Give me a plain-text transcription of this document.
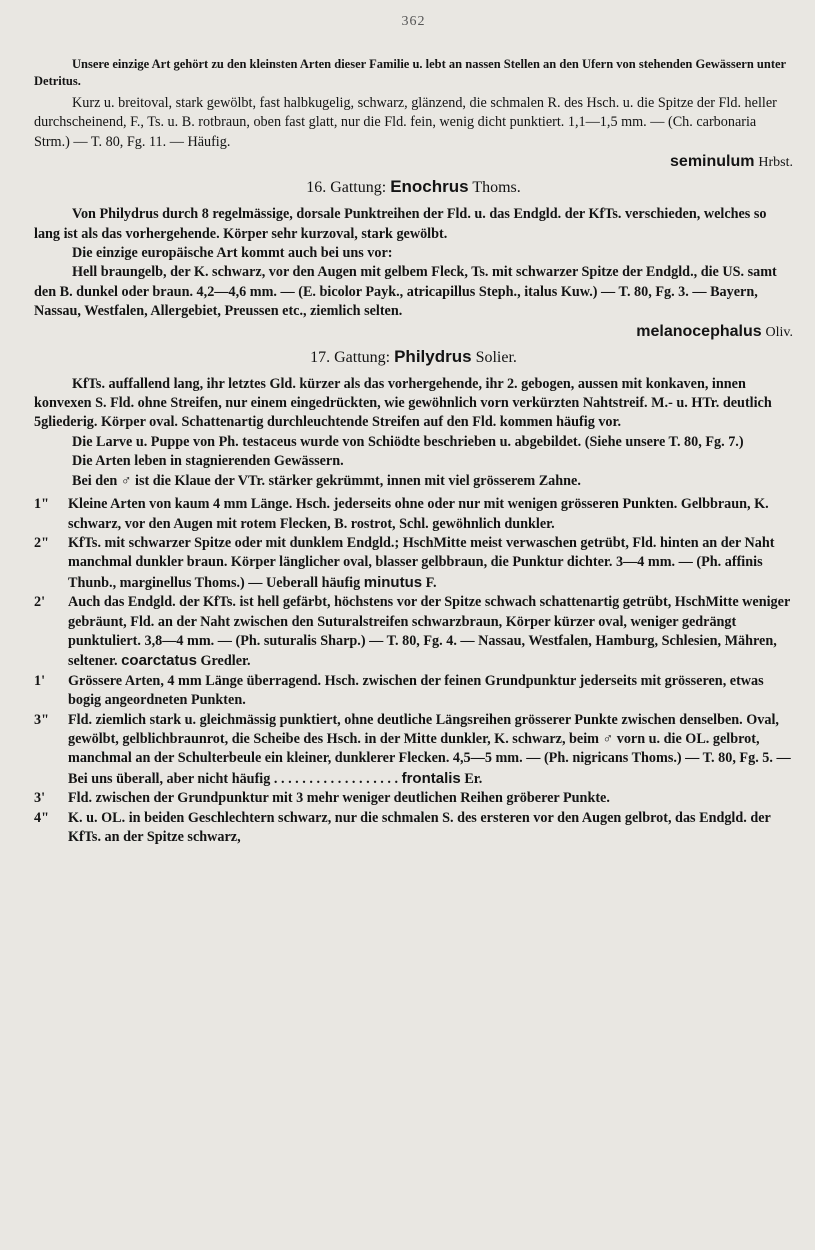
362

Unsere einzige Art gehört zu den kleinsten Arten dieser Familie u. lebt an nassen Stellen an den Ufern von stehenden Gewässern unter Detritus.

Kurz u. breitoval, stark gewölbt, fast halbkugelig, schwarz, glänzend, die schmalen R. des Hsch. u. die Spitze der Fld. heller durchscheinend, F., Ts. u. B. rotbraun, oben fast glatt, nur die Fld. fein, wenig dicht punktiert. 1,1—1,5 mm. — (Ch. carbonaria Strm.) — T. 80, Fg. 11. — Häufig.

seminulum Hrbst.

16. Gattung: Enochrus Thoms.

Von Philydrus durch 8 regelmässige, dorsale Punktreihen der Fld. u. das Endgld. der KfTs. verschieden, welches so lang ist als das vorhergehende. Körper sehr kurzoval, stark gewölbt.

Die einzige europäische Art kommt auch bei uns vor:

Hell braungelb, der K. schwarz, vor den Augen mit gelbem Fleck, Ts. mit schwarzer Spitze der Endgld., die US. samt den B. dunkel oder braun. 4,2—4,6 mm. — (E. bicolor Payk., atricapillus Steph., italus Kuw.) — T. 80, Fg. 3. — Bayern, Nassau, Westfalen, Allergebiet, Preussen etc., ziemlich selten.

melanocephalus Oliv.

17. Gattung: Philydrus Solier.

KfTs. auffallend lang, ihr letztes Gld. kürzer als das vorhergehende, ihr 2. gebogen, aussen mit konkaven, innen konvexen S. Fld. ohne Streifen, nur einem eingedrückten, wie gewöhnlich vorn verkürzten Nahtstreif. M.- u. HTr. deutlich 5gliederig. Körper oval. Schattenartig durchleuchtende Streifen auf den Fld. kommen häufig vor.

Die Larve u. Puppe von Ph. testaceus wurde von Schiödte beschrieben u. abgebildet. (Siehe unsere T. 80, Fg. 7.)

Die Arten leben in stagnierenden Gewässern.

Bei den ♂ ist die Klaue der VTr. stärker gekrümmt, innen mit viel grösserem Zahne.

1"	Kleine Arten von kaum 4 mm Länge. Hsch. jederseits ohne oder nur mit wenigen grösseren Punkten. Gelbbraun, K. schwarz, vor den Augen mit rotem Flecken, B. rostrot, Schl. gewöhnlich dunkler.
2"	KfTs. mit schwarzer Spitze oder mit dunklem Endgld.; HschMitte meist verwaschen getrübt, Fld. hinten an der Naht manchmal dunkler braun. Körper länglicher oval, blasser gelbbraun, die Punktur dichter. 3—4 mm. — (Ph. affinis Thunb., marginellus Thoms.) — Ueberall häufig minutus F.
2'	Auch das Endgld. der KfTs. ist hell gefärbt, höchstens vor der Spitze schwach schattenartig getrübt, HschMitte weniger gebräunt, Fld. an der Naht zwischen den Suturalstreifen schwarzbraun, Körper kürzer oval, weniger gedrängt punktuliert. 3,8—4 mm. — (Ph. suturalis Sharp.) — T. 80, Fg. 4. — Nassau, Westfalen, Hamburg, Schlesien, Mähren, seltener. coarctatus Gredler.
1'	Grössere Arten, 4 mm Länge überragend. Hsch. zwischen der feinen Grundpunktur jederseits mit grösseren, etwas bogig angeordneten Punkten.
3"	Fld. ziemlich stark u. gleichmässig punktiert, ohne deutliche Längsreihen grösserer Punkte zwischen denselben. Oval, gewölbt, gelblichbraunrot, die Scheibe des Hsch. in der Mitte dunkler, K. schwarz, beim ♂ vorn u. die OL. gelbrot, manchmal an der Schulterbeule ein kleiner, dunklerer Flecken. 4,5—5 mm. — (Ph. nigricans Thoms.) — T. 80, Fg. 5. — Bei uns überall, aber nicht häufig . . . . . . . . . . . . . . . . . . frontalis Er.
3'	Fld. zwischen der Grundpunktur mit 3 mehr weniger deutlichen Reihen gröberer Punkte.
4"	K. u. OL. in beiden Geschlechtern schwarz, nur die schmalen S. des ersteren vor den Augen gelbrot, das Endgld. der KfTs. an der Spitze schwarz,
